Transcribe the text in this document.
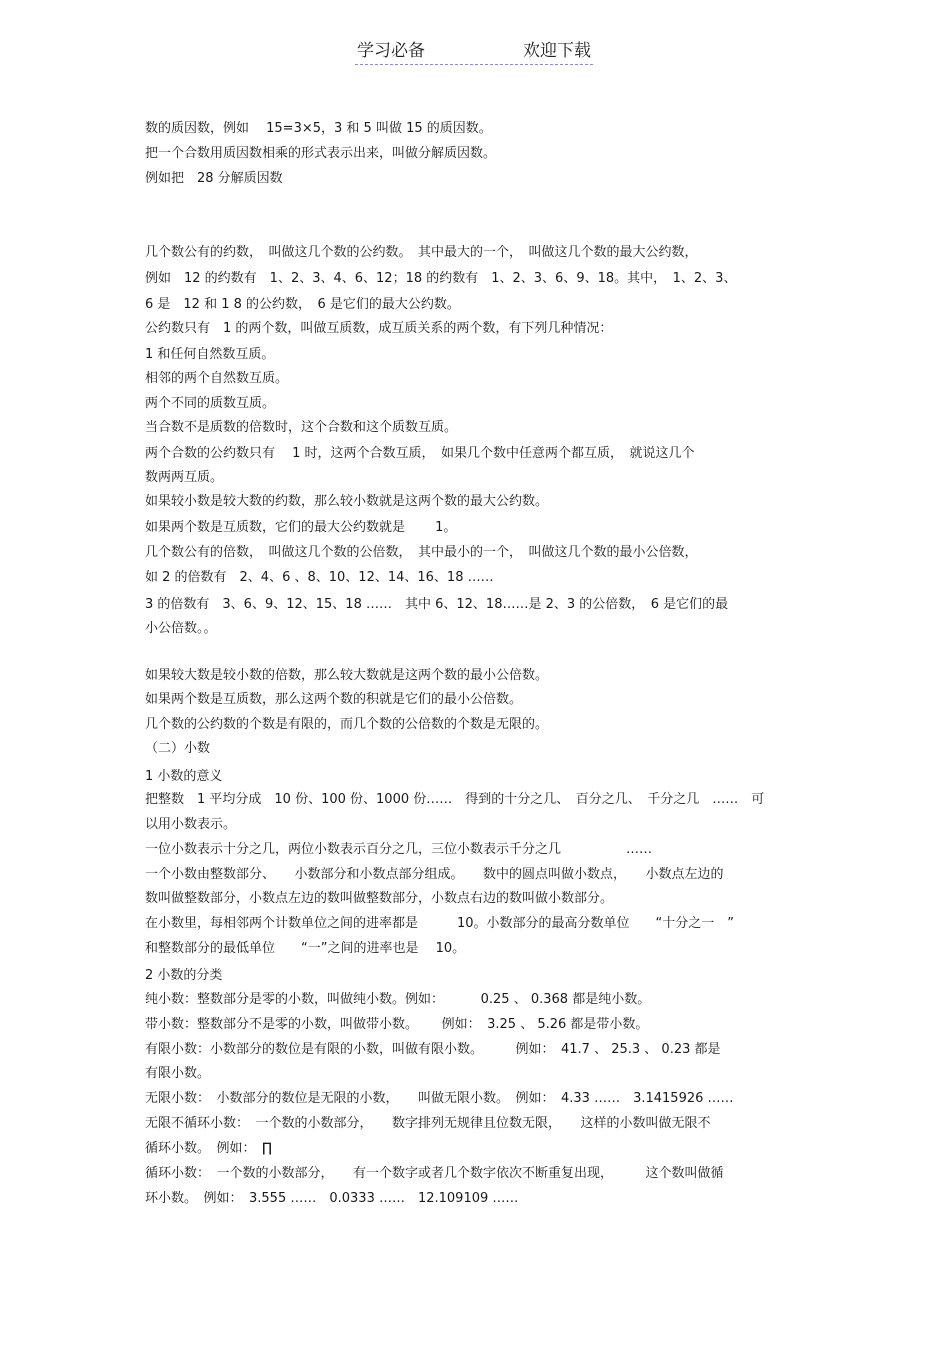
学习必备	欢迎下载
数的质因数，例如　 15=3×5，3 和 5 叫做 15 的质因数。
把一个合数用质因数相乘的形式表示出来，叫做分解质因数。
例如把　28 分解质因数
几个数公有的约数，　叫做这几个数的公约数。　其中最大的一个，　叫做这几个数的最大公约数，
例如　12 的约数有　1、2、3、4、6、12；18 的约数有　1、2、3、6、9、18。其中，　1、2、3、
6 是　12 和 1 8 的公约数，　6 是它们的最大公约数。
公约数只有　1 的两个数，叫做互质数，成互质关系的两个数，有下列几种情况：
1 和任何自然数互质。
相邻的两个自然数互质。
两个不同的质数互质。
当合数不是质数的倍数时，这个合数和这个质数互质。
两个合数的公约数只有　 1 时，这两个合数互质，　如果几个数中任意两个都互质，　就说这几个
数两两互质。
如果较小数是较大数的约数，那么较小数就是这两个数的最大公约数。
如果两个数是互质数，它们的最大公约数就是　　 1。
几个数公有的倍数，　叫做这几个数的公倍数，　其中最小的一个，　叫做这几个数的最小公倍数，
如 2 的倍数有　2、4、6 、8、10、12、14、16、18 ……
3 的倍数有　3、6、9、12、15、18 ……　其中 6、12、18……是 2、3 的公倍数，　6 是它们的最
小公倍数。。
如果较大数是较小数的倍数，那么较大数就是这两个数的最小公倍数。
如果两个数是互质数，那么这两个数的积就是它们的最小公倍数。
几个数的公约数的个数是有限的，而几个数的公倍数的个数是无限的。
（二）小数
1 小数的意义
把整数　1 平均分成　10 份、100 份、1000 份……　得到的十分之几、　百分之几、　千分之几　……　可
以用小数表示。
一位小数表示十分之几，两位小数表示百分之几，三位小数表示千分之几　　　　　……
一个小数由整数部分、　　小数部分和小数点部分组成。　　数中的圆点叫做小数点，　　小数点左边的
数叫做整数部分，小数点左边的数叫做整数部分，小数点右边的数叫做小数部分。
在小数里，每相邻两个计数单位之间的进率都是　　　10。小数部分的最高分数单位　　“十分之一　”
和整数部分的最低单位　　“一”之间的进率也是　 10。
2 小数的分类
纯小数：整数部分是零的小数，叫做纯小数。例如：　　　 0.25 、 0.368 都是纯小数。
带小数：整数部分不是零的小数，叫做带小数。　　 例如：　3.25 、 5.26 都是带小数。
有限小数：小数部分的数位是有限的小数，叫做有限小数。　　　例如：　41.7 、 25.3 、 0.23 都是
有限小数。
无限小数：　小数部分的数位是无限的小数，　　叫做无限小数。　例如：　4.33 ……　3.1415926 ……
无限不循环小数：　一个数的小数部分，　　数字排列无规律且位数无限，　　这样的小数叫做无限不
循环小数。　例如：　∏
循环小数：　一个数的小数部分，　　有一个数字或者几个数字依次不断重复出现，　　　这个数叫做循
环小数。　例如：　3.555 ……　0.0333 ……　12.109109 ……
